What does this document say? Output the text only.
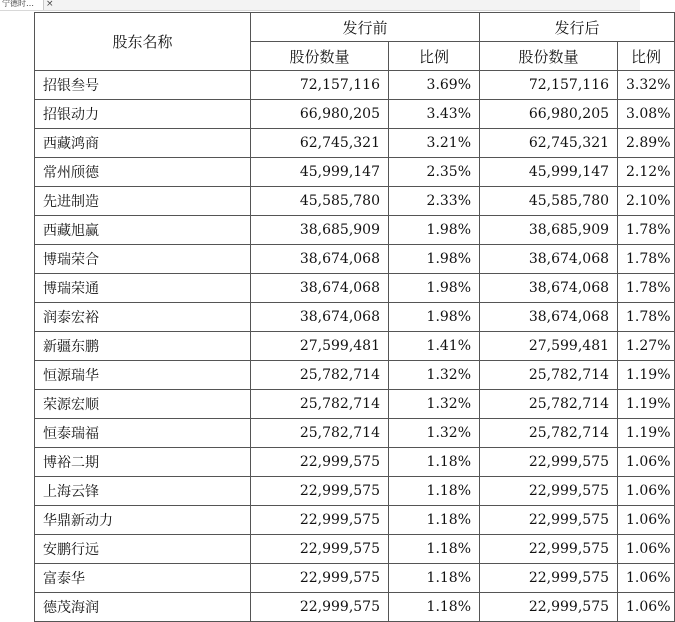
宁德时…	×
股东名称	发行前		发行后	
	股份数量	比例	股份数量	比例
招银叁号	72,157,116	3.69%	72,157,116	3.32%
招银动力	66,980,205	3.43%	66,980,205	3.08%
西藏鸿商	62,745,321	3.21%	62,745,321	2.89%
常州颀德	45,999,147	2.35%	45,999,147	2.12%
先进制造	45,585,780	2.33%	45,585,780	2.10%
西藏旭赢	38,685,909	1.98%	38,685,909	1.78%
博瑞荣合	38,674,068	1.98%	38,674,068	1.78%
博瑞荣通	38,674,068	1.98%	38,674,068	1.78%
润泰宏裕	38,674,068	1.98%	38,674,068	1.78%
新疆东鹏	27,599,481	1.41%	27,599,481	1.27%
恒源瑞华	25,782,714	1.32%	25,782,714	1.19%
荣源宏顺	25,782,714	1.32%	25,782,714	1.19%
恒泰瑞福	25,782,714	1.32%	25,782,714	1.19%
博裕二期	22,999,575	1.18%	22,999,575	1.06%
上海云锋	22,999,575	1.18%	22,999,575	1.06%
华鼎新动力	22,999,575	1.18%	22,999,575	1.06%
安鹏行远	22,999,575	1.18%	22,999,575	1.06%
富泰华	22,999,575	1.18%	22,999,575	1.06%
德茂海润	22,999,575	1.18%	22,999,575	1.06%
